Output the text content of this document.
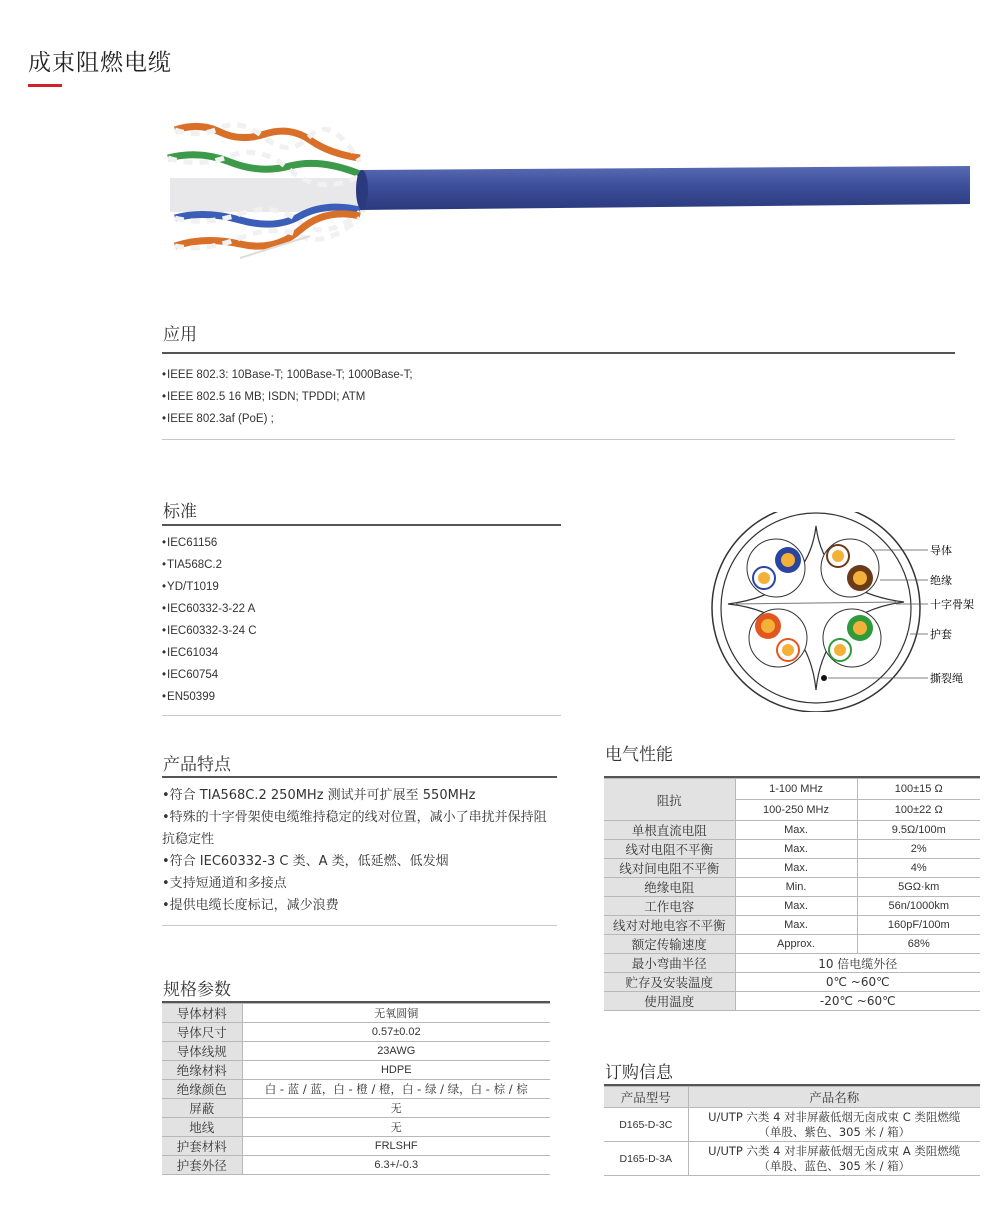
成束阻燃电缆
应用
• IEEE 802.3: 10Base-T; 100Base-T; 1000Base-T;
• IEEE 802.5 16 MB; ISDN; TPDDI; ATM
• IEEE 802.3af (PoE) ;
标准
• IEC61156
• TIA568C.2
• YD/T1019
• IEC60332-3-22 A
• IEC60332-3-24 C
• IEC61034
• IEC60754
• EN50399
导体
绝缘
十字骨架
护套
撕裂绳
产品特点
• 符合 TIA568C.2 250MHz 测试并可扩展至 550MHz
• 特殊的十字骨架使电缆维持稳定的线对位置，减小了串扰并保持阻抗稳定性
• 符合 IEC60332-3 C 类、A 类，低延燃、低发烟
• 支持短通道和多接点
• 提供电缆长度标记，减少浪费
规格参数
导体材料	无氧圆铜
导体尺寸	0.57±0.02
导体线规	23AWG
绝缘材料	HDPE
绝缘颜色	白 - 蓝 / 蓝，白 - 橙 / 橙，白 - 绿 / 绿，白 - 棕 / 棕
屏蔽	无
地线	无
护套材料	FRLSHF
护套外径	6.3+/-0.3
电气性能
阻抗	1-100 MHz	100±15 Ω
	100-250 MHz	100±22 Ω
单根直流电阻	Max.	9.5Ω/100m
线对电阻不平衡	Max.	2%
线对间电阻不平衡	Max.	4%
绝缘电阻	Min.	5GΩ·km
工作电容	Max.	56n/1000km
线对对地电容不平衡	Max.	160pF/100m
额定传输速度	Approx.	68%
最小弯曲半径	10 倍电缆外径	
贮存及安装温度	0℃ ~60℃	
使用温度	-20℃ ~60℃	
订购信息
产品型号	产品名称
D165-D-3C	U/UTP 六类 4 对非屏蔽低烟无卤成束 C 类阻燃缆
（单股、紫色、305 米 / 箱）

D165-D-3A	U/UTP 六类 4 对非屏蔽低烟无卤成束 A 类阻燃缆
（单股、蓝色、305 米 / 箱）
